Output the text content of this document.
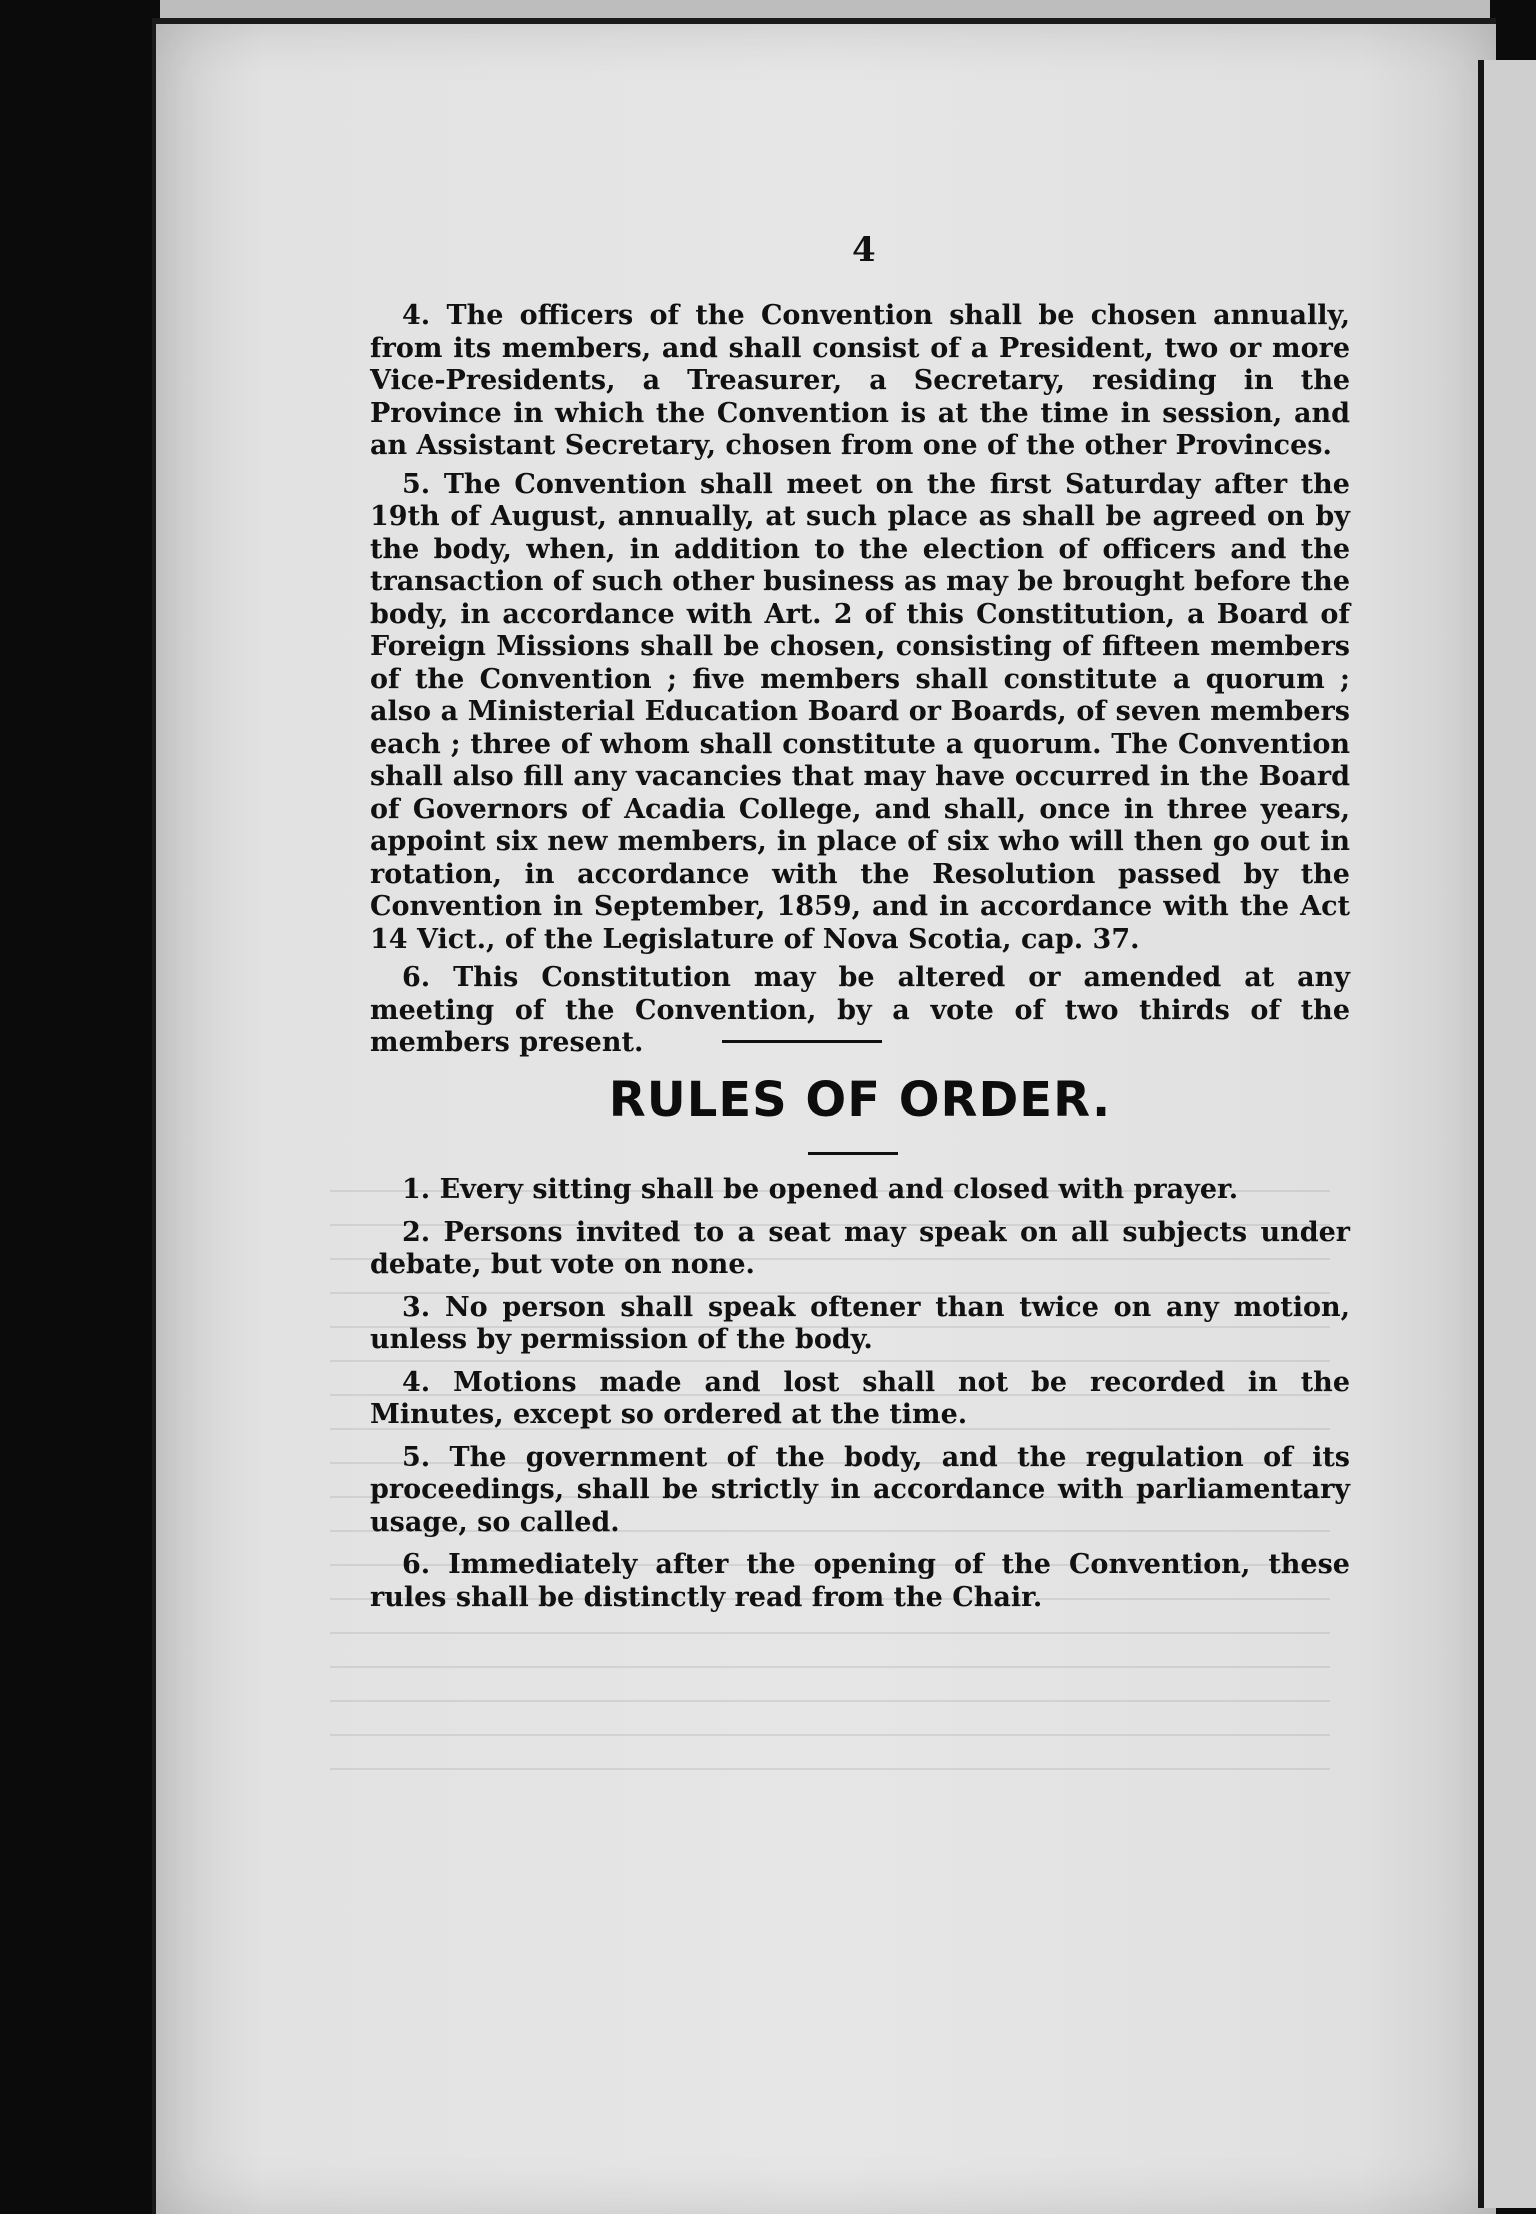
4

4. The officers of the Convention shall be chosen annually, from its members, and shall consist of a President, two or more Vice-Presidents, a Treasurer, a Secretary, residing in the Province in which the Convention is at the time in session, and an Assistant Secretary, chosen from one of the other Provinces.

5. The Convention shall meet on the first Saturday after the 19th of August, annually, at such place as shall be agreed on by the body, when, in addition to the election of officers and the transaction of such other business as may be brought before the body, in accordance with Art. 2 of this Constitution, a Board of Foreign Missions shall be chosen, consisting of fifteen members of the Convention ; five members shall constitute a quorum ; also a Ministerial Education Board or Boards, of seven members each ; three of whom shall constitute a quorum. The Convention shall also fill any vacancies that may have occurred in the Board of Governors of Acadia College, and shall, once in three years, appoint six new members, in place of six who will then go out in rotation, in accordance with the Resolution passed by the Convention in September, 1859, and in accordance with the Act 14 Vict., of the Legislature of Nova Scotia, cap. 37.

6. This Constitution may be altered or amended at any meeting of the Convention, by a vote of two thirds of the members present.

RULES OF ORDER.

1. Every sitting shall be opened and closed with prayer.

2. Persons invited to a seat may speak on all subjects under debate, but vote on none.

3. No person shall speak oftener than twice on any motion, unless by permission of the body.

4. Motions made and lost shall not be recorded in the Minutes, except so ordered at the time.

5. The government of the body, and the regulation of its proceedings, shall be strictly in accordance with parliamentary usage, so called.

6. Immediately after the opening of the Convention, these rules shall be distinctly read from the Chair.
